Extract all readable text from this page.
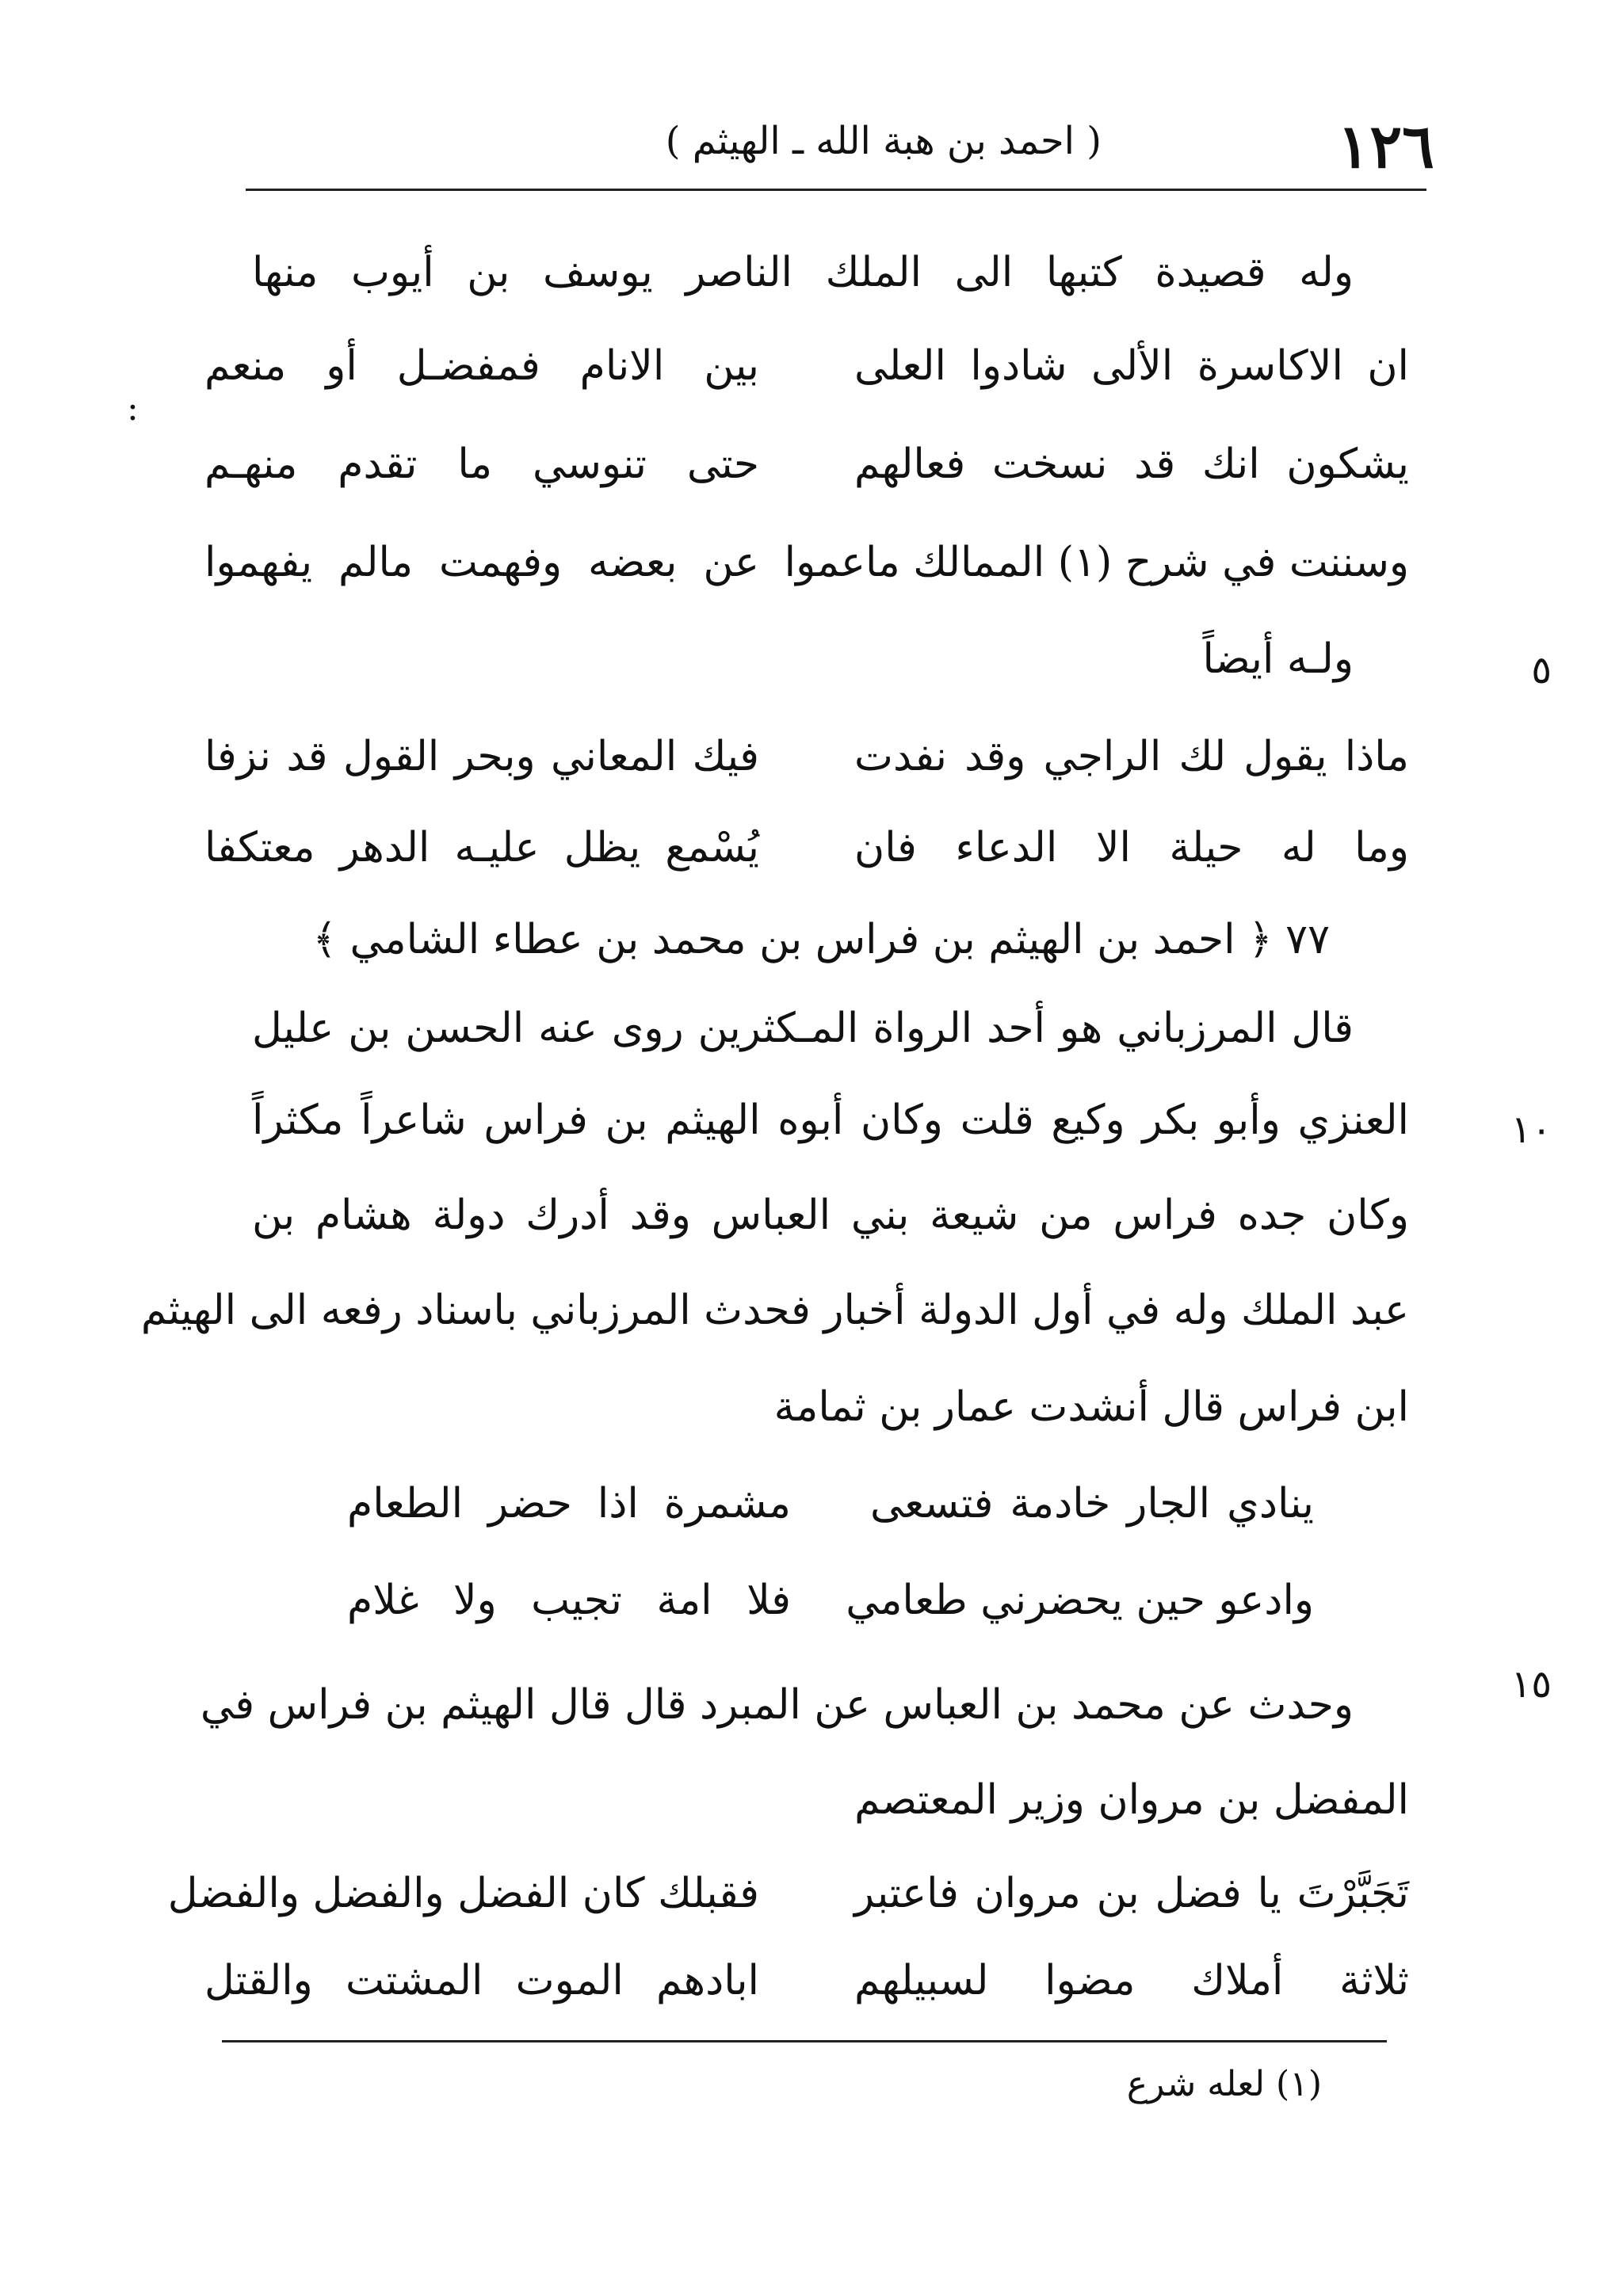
١٢٦
( احمد بن هبة الله ـ الهيثم )
:
وله قصيدة كتبها الى الملك الناصر يوسف بن أيوب منها
ان الاكاسرة الألى شادوا العلى
بين الانام فمفضـل أو منعم
يشكون انك قد نسخت فعالهم
حتى تنوسي ما تقدم منهـم
وسننت في شرح (١) الممالك ماعموا
عن بعضه وفهمت مالم يفهموا
ولـه أيضاً	٥
ماذا يقول لك الراجي وقد نفدت
فيك المعاني وبحر القول قد نزفا
وما له حيلة الا الدعاء فان
يُسْمع يظل عليـه الدهر معتكفا
٧٧ ﴿ احمد بن الهيثم بن فراس بن محمد بن عطاء الشامي ﴾
قال المرزباني هو أحد الرواة المـكثرين روى عنه الحسن بن عليل
العنزي وأبو بكر وكيع قلت وكان أبوه الهيثم بن فراس شاعراً مكثراً	١٠
وكان جده فراس من شيعة بني العباس وقد أدرك دولة هشام بن
عبد الملك وله في أول الدولة أخبار فحدث المرزباني باسناد رفعه الى الهيثم
ابن فراس قال أنشدت عمار بن ثمامة
ينادي الجار خادمة فتسعى
مشمرة اذا حضر الطعام
وادعو حين يحضرني طعامي
فلا امة تجيب ولا غلام
١٥
وحدث عن محمد بن العباس عن المبرد قال قال الهيثم بن فراس في
المفضل بن مروان وزير المعتصم
تَجَبَّرْتَ يا فضل بن مروان فاعتبر
فقبلك كان الفضل والفضل والفضل
ثلاثة أملاك مضوا لسبيلهم
ابادهم الموت المشتت والقتل
(١) لعله شرع
